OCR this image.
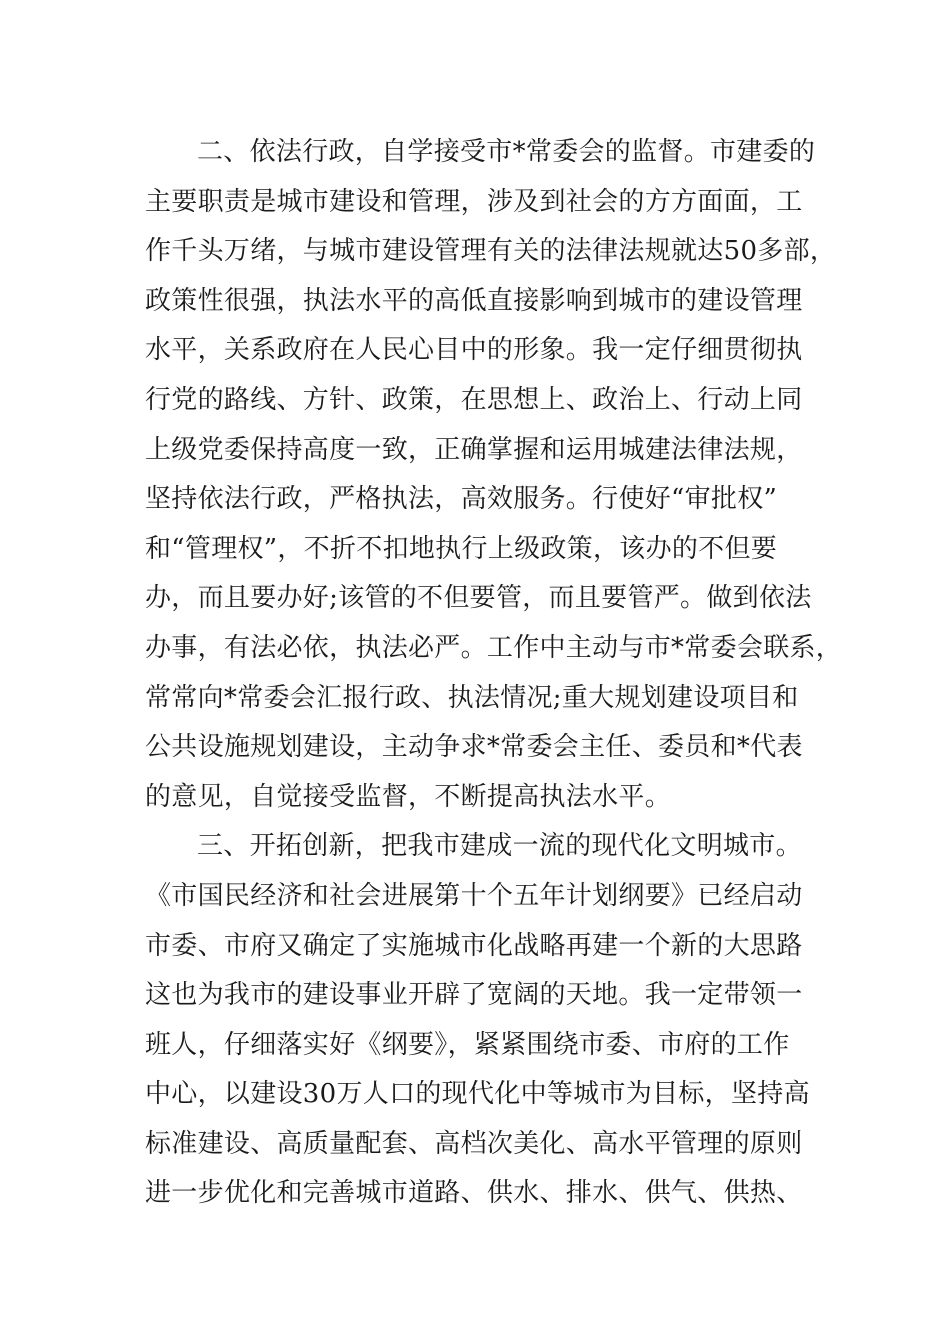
二、依法行政，自学接受市*常委会的监督。市建委的
主要职责是城市建设和管理，涉及到社会的方方面面，工
作千头万绪，与城市建设管理有关的法律法规就达50多部，
政策性很强，执法水平的高低直接影响到城市的建设管理
水平，关系政府在人民心目中的形象。我一定仔细贯彻执
行党的路线、方针、政策，在思想上、政治上、行动上同
上级党委保持高度一致，正确掌握和运用城建法律法规，
坚持依法行政，严格执法，高效服务。行使好“审批权”
和“管理权”，不折不扣地执行上级政策，该办的不但要
办，而且要办好;该管的不但要管，而且要管严。做到依法
办事，有法必依，执法必严。工作中主动与市*常委会联系，
常常向*常委会汇报行政、执法情况;重大规划建设项目和
公共设施规划建设，主动争求*常委会主任、委员和*代表
的意见，自觉接受监督，不断提高执法水平。
三、开拓创新，把我市建成一流的现代化文明城市。
《市国民经济和社会进展第十个五年计划纲要》已经启动
市委、市府又确定了实施城市化战略再建一个新的大思路
这也为我市的建设事业开辟了宽阔的天地。我一定带领一
班人，仔细落实好《纲要》，紧紧围绕市委、市府的工作
中心，以建设30万人口的现代化中等城市为目标，坚持高
标准建设、高质量配套、高档次美化、高水平管理的原则
进一步优化和完善城市道路、供水、排水、供气、供热、
